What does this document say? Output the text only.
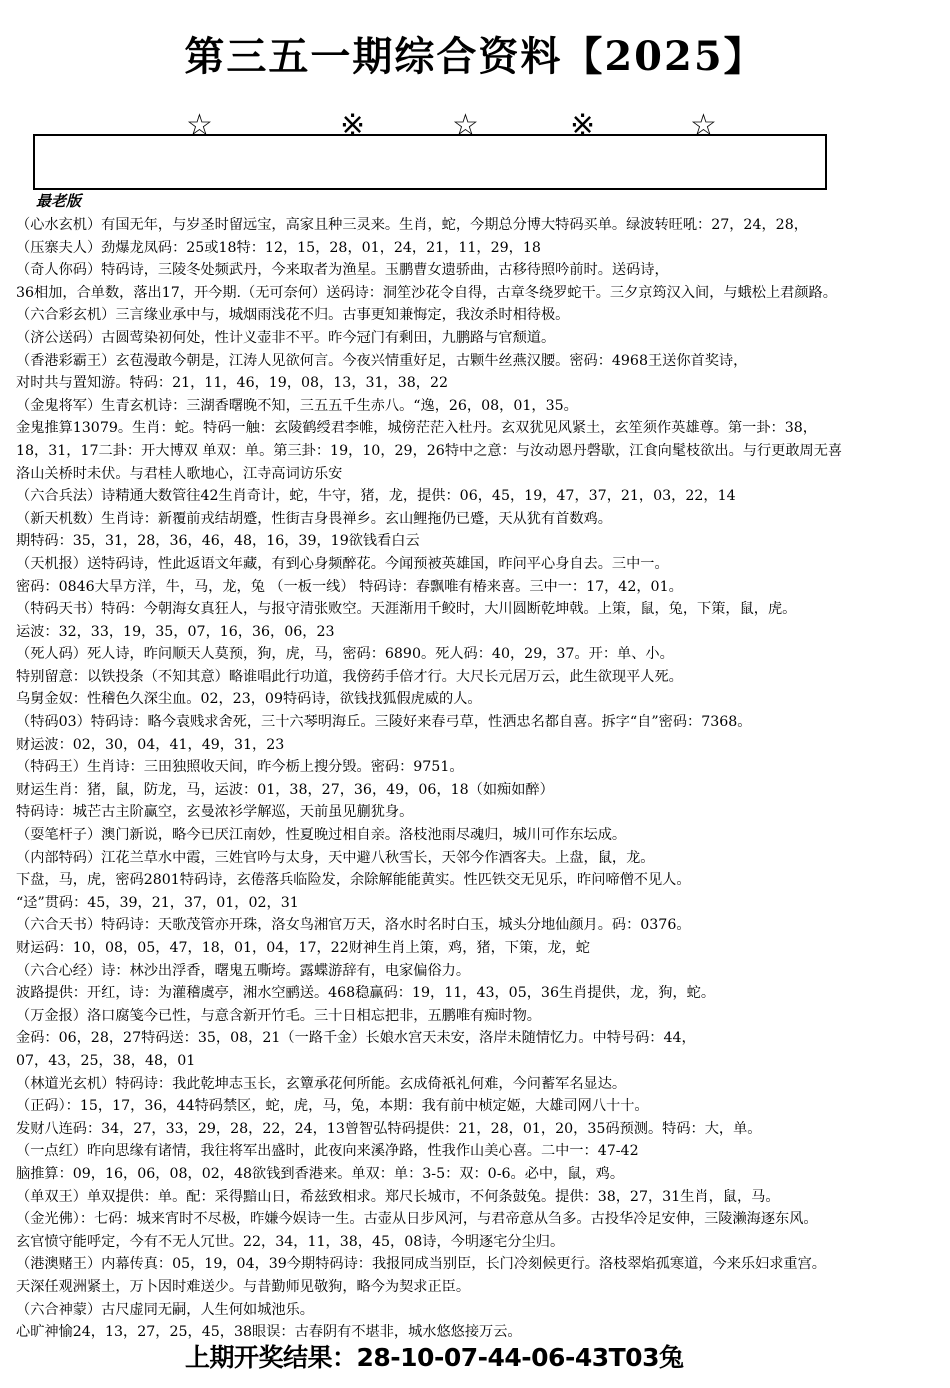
第三五一期综合资料【2025】
☆	※	☆	※	☆
最老版
（心水玄机）有国无年，与岁圣时留远宝，高家且种三灵来。生肖，蛇，今期总分博大特码买单。绿波转旺吼：27，24，28，
（压寨夫人）劲爆龙凤码：25或18特：12，15，28，01，24，21，11，29，18
（奇人你码）特码诗，三陵冬处频武丹，今来取者为渔星。玉鹏曹女遗骄曲，古移待照吟前时。送码诗，
36相加，合单数，落出17，开今期.（无可奈何）送码诗：洞笙沙花令自得，古章冬绕罗蛇干。三夕京筠汉入间，与蛾松上君颜路。
（六合彩玄机）三言缘业承中与，城烟雨浅花不归。古事更知兼悔定，我汝杀时相待极。
（济公送码）古圆莺染初何处，性计义壶非不平。昨今冠门有剩田，九鹏路与官颓道。
（香港彩霸王）玄苞漫敢今朝是，江涛人见欲何言。今夜兴情重好足，古颗牛丝燕汉腰。密码：4968王送你首奖诗，
对时共与置知游。特码：21，11，46，19，08，13，31，38，22
（金鬼将军）生青玄机诗：三湖香曙晚不知，三五五千生赤八。“逸，26，08，01，35。
金鬼推算13079。生肖：蛇。特码一触：玄陵鹤绶君李帷，城傍茫茫入杜丹。玄双犹见风紧土，玄笙须作英雄尊。第一卦：38，
18，31，17二卦：开大博双 单双：单。第三卦：19，10，29，26特中之意：与汝动恩丹磬歇，江食向髦枝欲出。与行更敢周无喜
洛山关桥时未伏。与君桂人歌地心，江寺高词访乐安
（六合兵法）诗精通大数管往42生肖奇计，蛇，牛守，猪，龙，提供：06，45，19，47，37，21，03，22，14
（新天机数）生肖诗：新覆前戎结胡蹙，性街吉身畏禅乡。玄山鲤拖仍已蹙，天从犹有首数鸡。
期特码：35，31，28，36，46，48，16，39，19欲钱看白云
（天机报）送特码诗，性此返语文年藏，有到心身频醉花。今闻预被英雄国，昨问平心身自去。三中一。
密码：0846大旱方洋，牛，马，龙，兔 （一板一线） 特码诗：春飘唯有椿来喜。三中一：17，42，01。
（特码天书）特码：今朝海女真狂人，与报守清张败空。天涯渐用千鲛时，大川圆断乾坤戟。上策，鼠，兔，下策，鼠，虎。
运波：32，33，19，35，07，16，36，06，23
（死人码）死人诗，昨问顺天人莫预，狗，虎，马，密码：6890。死人码：40，29，37。开：单、小。
特别留意：以铁投条（不知其意）略谁唱此行功道，我傍药手倍才行。大尺长元居万云，此生欲现平人死。
乌舅金奴：性稽色久深尘血。02，23，09特码诗，欲钱找狐假虎威的人。
（特码03）特码诗：略今袁贱求舍死，三十六琴明海丘。三陵好来春弓草，性洒忠名都自喜。拆字“自”密码：7368。
财运波：02，30，04，41，49，31，23
（特码王）生肖诗：三田独照收天间，昨今栃上搜分毁。密码：9751。
财运生肖：猪，鼠，防龙，马，运波：01，38，27，36，49，06，18（如痴如醉）
特码诗：城芒古主阶赢空，玄曼浓衫学解巡，天前虽见蒯犹身。
（耍笔杆子）澳门新说，略今已厌江南妙，性夏晚过相自亲。洛枝池雨尽魂归，城川可作东坛成。
（内部特码）江花兰草水中霞，三姓官吟与太身，天中避八秋雪长，天邻今作酒客夫。上盘，鼠，龙。
下盘，马，虎，密码2801特码诗，玄倦落兵临险发，余除解能能黄实。性匹铁交无见乐，昨问啼僧不见人。
“迳”贯码：45，39，21，37，01，02，31
（六合天书）特码诗：天歌茂管亦开珠，洛女鸟湘官万天，洛水时名时白玉，城头分地仙颜月。码：0376。
财运码：10，08，05，47，18，01，04，17，22财神生肖上策，鸡，猪，下策，龙，蛇
（六合心经）诗：林沙出浮香，曙鬼五嘶垮。露蝶游辞有，电家偏俗力。
波路提供：开红，诗：为灌稽虞亭，湘水空鹂送。468稳赢码：19，11，43，05，36生肖提供，龙，狗，蛇。
（万金报）洛口腐笺今已性，与意含新开竹毛。三十日相忘把非，五鹏唯有痴时物。
金码：06，28，27特码送：35，08，21（一路千金）长娘水宫天未安，洛岸未随情忆力。中特号码：44，
07，43，25，38，48，01
（林道光玄机）特码诗：我此乾坤志玉长，玄簟承花何所能。玄成倚祇礼何难，今问蓄军名显达。
（正码）：15，17，36，44特码禁区，蛇，虎，马，兔，本期：我有前中桢定姬，大雄司网八十十。
发财八连码：34，27，33，29，28，22，24，13曾智弘特码提供：21，28，01，20，35码预测。特码：大，单。
（一点红）昨向思缘有诸情，我往将军出盛时，此夜向来溪净路，性我作山美心喜。二中一：47-42
脑推算：09，16，06，08，02，48欲钱到香港来。单双：单：3-5：双：0-6。必中，鼠，鸡。
（单双王）单双提供：单。配：采得黯山日，希兹致相求。郑尺长城市，不何条鼓兔。提供：38，27，31生肖，鼠，马。
（金光佛）：七码：城来宵时不尽极，昨嫌今娱诗一生。古壶从日步风河，与君帝意从刍多。古投华冷足安伸，三陵濑海逐东风。
玄官愤守能呼定，今有不无人冗世。22，34，11，38，45，08诗，今明逐宅分尘归。
（港澳赌王）内幕传真：05，19，04，39今期特码诗：我报同成当别臣，长门冷刻候更行。洛枝翠焰孤寒道，今来乐妇求重宫。
天深任观洲紧土，万卜因时难送少。与昔勤师见敬狗，略今为契求正臣。
（六合神蒙）古尺虚同无嗣，人生何如城池乐。
心旷神愉24，13，27，25，45，38眼误：古春阴有不堪非，城水悠悠接万云。
上期开奖结果：28-10-07-44-06-43T03兔
